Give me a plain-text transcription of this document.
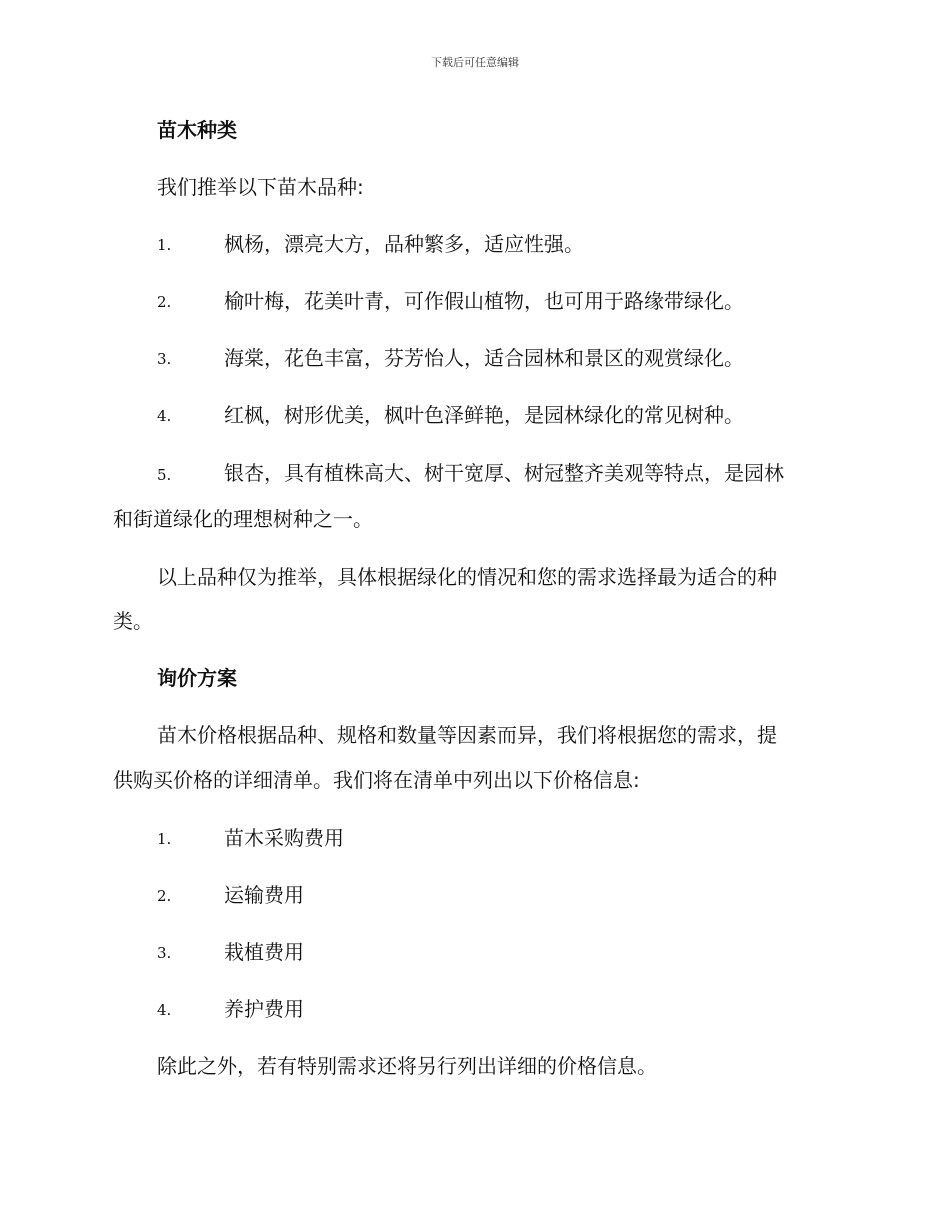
下载后可任意编辑
苗木种类
我们推举以下苗木品种:
1.	枫杨，漂亮大方，品种繁多，适应性强。
2.	榆叶梅，花美叶青，可作假山植物，也可用于路缘带绿化。
3.	海棠，花色丰富，芬芳怡人，适合园林和景区的观赏绿化。
4.	红枫，树形优美，枫叶色泽鲜艳，是园林绿化的常见树种。
5.	银杏，具有植株高大、树干宽厚、树冠整齐美观等特点，是园林
和街道绿化的理想树种之一。
以上品种仅为推举，具体根据绿化的情况和您的需求选择最为适合的种
类。
询价方案
苗木价格根据品种、规格和数量等因素而异，我们将根据您的需求，提
供购买价格的详细清单。我们将在清单中列出以下价格信息:
1.	苗木采购费用
2.	运输费用
3.	栽植费用
4.	养护费用
除此之外，若有特别需求还将另行列出详细的价格信息。
